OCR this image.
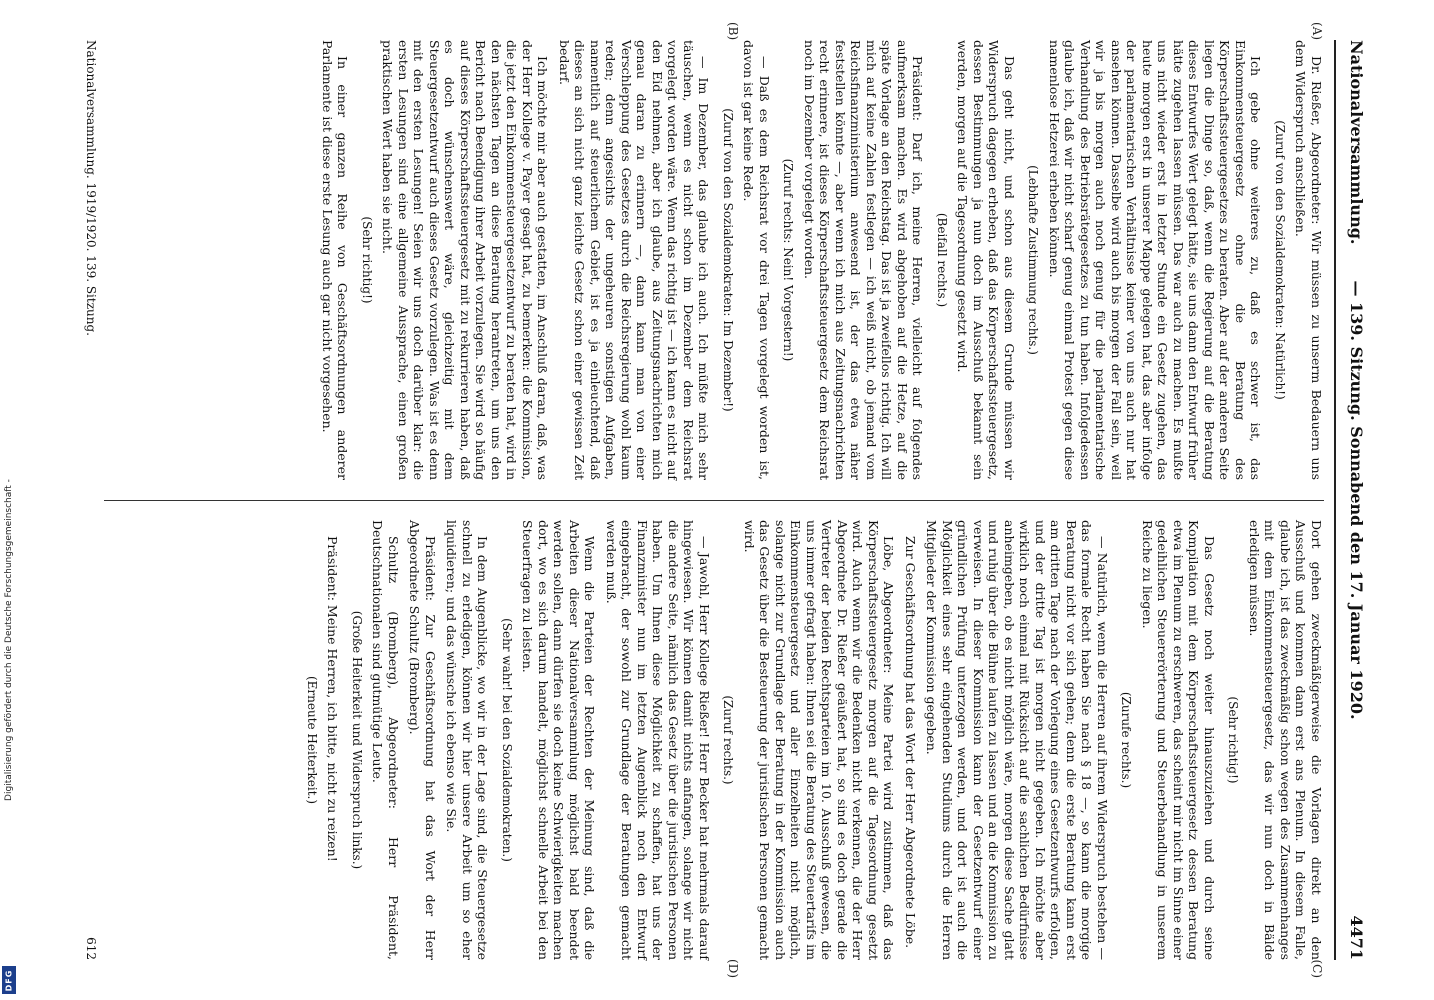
Digitalisierung gefördert durch die Deutsche Forschungsgemeinschaft -
DFG
Nationalversammlung.
— 139. Sitzung. Sonnabend den 17. Januar 1920.
4471
(A)
(B)
(C)
(D)

Dr. Rießer, Abgeordneter: Wir müssen zu unserm Bedauern uns dem Widerspruch anschließen.

(Zuruf von den Sozialdemokraten: Natürlich!)

Ich gebe ohne weiteres zu, daß es schwer ist, das Einkommensteuergesetz ohne die Beratung des Körperschaftssteuergesetzes zu beraten. Aber auf der anderen Seite liegen die Dinge so, daß, wenn die Regierung auf die Beratung dieses Entwurfes Wert gelegt hätte, sie uns dann den Entwurf früher hätte zugehen lassen müssen. Das war auch zu machen. Es mußte uns nicht wieder erst in letzter Stunde ein Gesetz zugehen, das heute morgen erst in unserer Mappe gelegen hat, das aber infolge der parlamentarischen Verhältnisse keiner von uns auch nur hat ansehen können. Dasselbe wird auch bis morgen der Fall sein, weil wir ja bis morgen auch noch genug für die parlamentarische Verhandlung des Betriebsrätegesetzes zu tun haben. Infolgedessen glaube ich, daß wir nicht scharf genug einmal Protest gegen diese namenlose Hetzerei erheben können.

(Lebhafte Zustimmung rechts.)

Das geht nicht, und schon aus diesem Grunde müssen wir Widerspruch dagegen erheben, daß das Körperschaftssteuergesetz, dessen Bestimmungen ja nun doch im Ausschuß bekannt sein werden, morgen auf die Tagesordnung gesetzt wird.

(Beifall rechts.)

Präsident: Darf ich, meine Herren, vielleicht auf folgendes aufmerksam machen. Es wird abgehoben auf die Hetze, auf die späte Vorlage an den Reichstag. Das ist ja zweifellos richtig. Ich will mich auf keine Zahlen festlegen — ich weiß nicht, ob jemand vom Reichsfinanzministerium anwesend ist, der das etwa näher feststellen könnte —, aber wenn ich mich aus Zeitungsnachrichten recht erinnere, ist dieses Körperschaftssteuergesetz dem Reichsrat noch im Dezember vorgelegt worden.

(Zuruf rechts: Nein! Vorgestern!)

— Daß es dem Reichsrat vor drei Tagen vorgelegt worden ist, davon ist gar keine Rede.

(Zuruf von den Sozialdemokraten: Im Dezember!)

— Im Dezember, das glaube ich auch. Ich müßte mich sehr täuschen, wenn es nicht schon im Dezember dem Reichsrat vorgelegt worden wäre. Wenn das richtig ist — ich kann es nicht auf den Eid nehmen, aber ich glaube, aus Zeitungsnachrichten mich genau daran zu erinnern —, dann kann man von einer Verschleppung des Gesetzes durch die Reichsregierung wohl kaum reden; denn angesichts der ungeheuren sonstigen Aufgaben, namentlich auf steuerlichem Gebiet, ist es ja einleuchtend, daß dieses an sich nicht ganz leichte Gesetz schon einer gewissen Zeit bedarf.

Ich möchte mir aber auch gestatten, im Anschluß daran, daß, was der Herr Kollege v. Payer gesagt hat, zu bemerken: die Kommission, die jetzt den Einkommensteuergesetzentwurf zu beraten hat, wird in den nächsten Tagen an diese Beratung herantreten, um uns den Bericht nach Beendigung ihrer Arbeit vorzulegen. Sie wird so häufig auf dieses Körperschaftssteuergesetz mit zu rekurrieren haben, daß es doch wünschenswert wäre, gleichzeitig mit dem Steuergesetzentwurf auch dieses Gesetz vorzulegen. Was ist es denn mit den ersten Lesungen! Seien wir uns doch darüber klar: die ersten Lesungen sind eine allgemeine Aussprache, einen großen praktischen Wert haben sie nicht.

(Sehr richtig!)

In einer ganzen Reihe von Geschäftsordnungen anderer Parlamente ist diese erste Lesung auch gar nicht vorgesehen.

Dort gehen zweckmäßigerweise die Vorlagen direkt an den Ausschuß und kommen dann erst ans Plenum. In diesem Falle, glaube ich, ist das zweckmäßig schon wegen des Zusammenhanges mit dem Einkommensteuergesetz, das wir nun doch in Bälde erledigen müssen.

(Sehr richtig!)

Das Gesetz noch weiter hinauszuziehen und durch seine Kompilation mit dem Körperschaftssteuergesetz dessen Beratung etwa im Plenum zu erschweren, das scheint mir nicht im Sinne einer gedeihlichen Steuererörterung und Steuerbehandlung in unserem Reiche zu liegen.

(Zurufe rechts.)

— Natürlich, wenn die Herren auf ihrem Widerspruch bestehen — das formale Recht haben Sie nach § 18 —, so kann die morgige Beratung nicht vor sich gehen; denn die erste Beratung kann erst am dritten Tage nach der Vorlegung eines Gesetzentwurfs erfolgen, und der dritte Tag ist morgen nicht gegeben. Ich möchte aber wirklich noch einmal mit Rücksicht auf die sachlichen Bedürfnisse anheimgeben, ob es nicht möglich wäre, morgen diese Sache glatt und ruhig über die Bühne laufen zu lassen und an die Kommission zu verweisen. In dieser Kommission kann der Gesetzentwurf einer gründlichen Prüfung unterzogen werden, und dort ist auch die Möglichkeit eines sehr eingehenden Studiums durch die Herren Mitglieder der Kommission gegeben.

Zur Geschäftsordnung hat das Wort der Herr Abgeordnete Löbe.

Löbe, Abgeordneter: Meine Partei wird zustimmen, daß das Körperschaftssteuergesetz morgen auf die Tagesordnung gesetzt wird. Auch wenn wir die Bedenken nicht verkennen, die der Herr Abgeordnete Dr. Rießer geäußert hat, so sind es doch gerade die Vertreter der beiden Rechtsparteien im 10. Ausschuß gewesen, die uns immer gefragt haben: Ihnen sei die Beratung des Steuertarifs im Einkommensteuergesetz und aller Einzelheiten nicht möglich, solange nicht zur Grundlage der Beratung in der Kommission auch das Gesetz über die Besteuerung der juristischen Personen gemacht wird.

(Zuruf rechts.)

— Jawohl, Herr Kollege Rießer! Herr Becker hat mehrmals darauf hingewiesen. Wir können damit nichts anfangen, solange wir nicht die andere Seite, nämlich das Gesetz über die juristischen Personen haben. Um Ihnen diese Möglichkeit zu schaffen, hat uns der Finanzminister nun im letzten Augenblick noch den Entwurf eingebracht, der sowohl zur Grundlage der Beratungen gemacht werden muß.

Wenn die Parteien der Rechten der Meinung sind, daß die Arbeiten dieser Nationalversammlung möglichst bald beendet werden sollen, dann dürfen sie doch keine Schwierigkeiten machen dort, wo es sich darum handelt, möglichst schnelle Arbeit bei den Steuerfragen zu leisten.

(Sehr wahr! bei den Sozialdemokraten.)

In dem Augenblicke, wo wir in der Lage sind, die Steuergesetze schnell zu erledigen, können wir hier unsere Arbeit um so eher liquidieren; und das wünsche ich ebenso wie Sie.

Präsident: Zur Geschäftsordnung hat das Wort der Herr Abgeordnete Schultz (Bromberg).

Schultz (Bromberg), Abgeordneter: Herr Präsident, Deutschnationalen sind gutmütige Leute.

(Große Heiterkeit und Widerspruch links.)

Präsident: Meine Herren, ich bitte, nicht zu reizen!

(Erneute Heiterkeit.)

Nationalversammlung. 1919/1920. 139. Sitzung.
612
